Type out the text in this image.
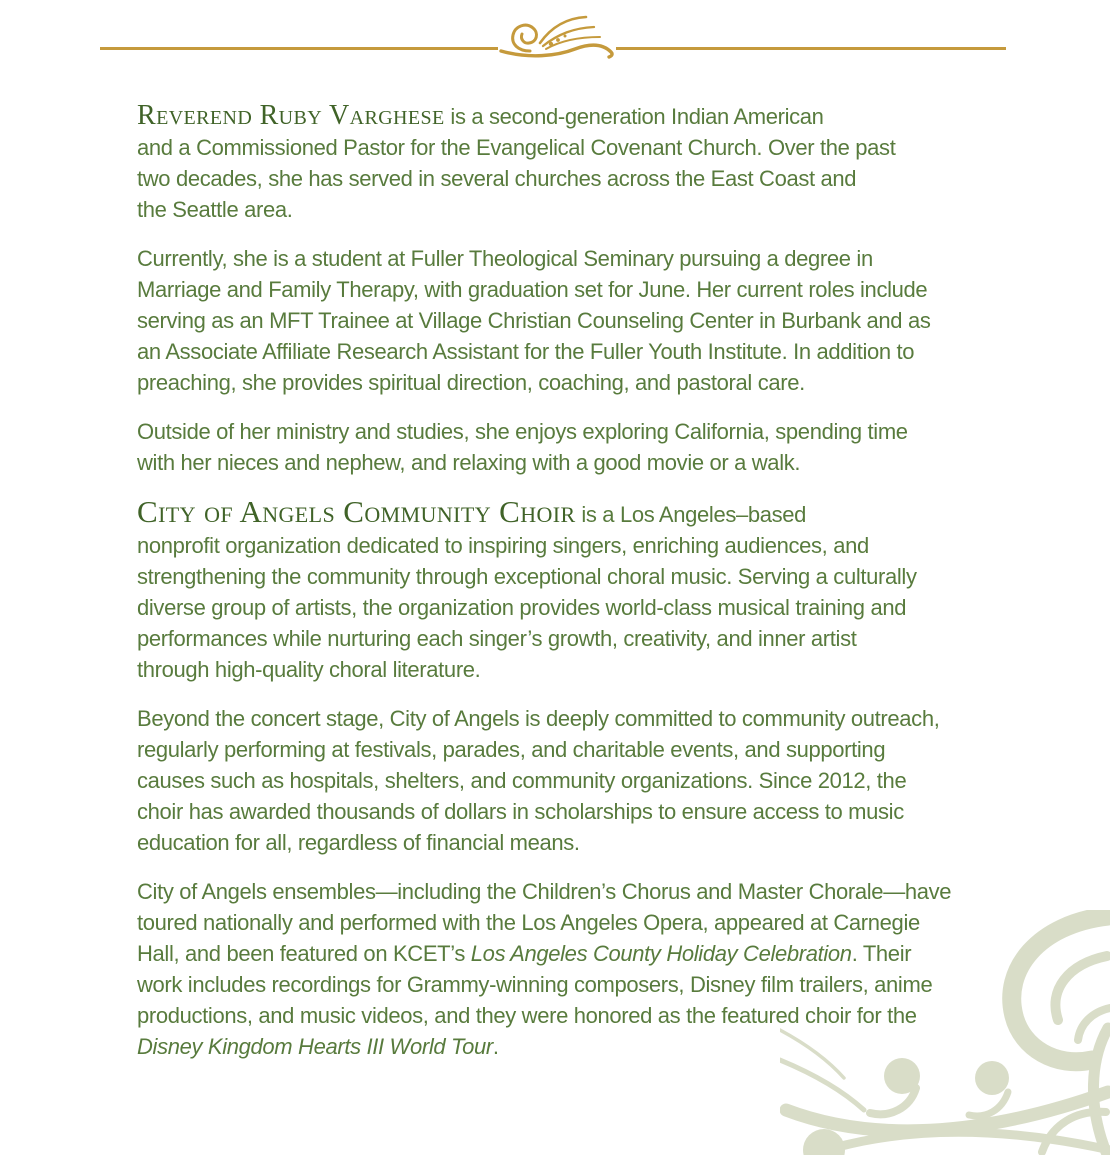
Reverend Ruby Varghese is a second-generation Indian American
and a Commissioned Pastor for the Evangelical Covenant Church. Over the past
two decades, she has served in several churches across the East Coast and
the Seattle area.
Currently, she is a student at Fuller Theological Seminary pursuing a degree in
Marriage and Family Therapy, with graduation set for June. Her current roles include
serving as an MFT Trainee at Village Christian Counseling Center in Burbank and as
an Associate Affiliate Research Assistant for the Fuller Youth Institute. In addition to
preaching, she provides spiritual direction, coaching, and pastoral care.
Outside of her ministry and studies, she enjoys exploring California, spending time
with her nieces and nephew, and relaxing with a good movie or a walk.
City of Angels Community Choir is a Los Angeles–based
nonprofit organization dedicated to inspiring singers, enriching audiences, and
strengthening the community through exceptional choral music. Serving a culturally
diverse group of artists, the organization provides world-class musical training and
performances while nurturing each singer’s growth, creativity, and inner artist
through high-quality choral literature.
Beyond the concert stage, City of Angels is deeply committed to community outreach,
regularly performing at festivals, parades, and charitable events, and supporting
causes such as hospitals, shelters, and community organizations. Since 2012, the
choir has awarded thousands of dollars in scholarships to ensure access to music
education for all, regardless of financial means.
City of Angels ensembles—including the Children’s Chorus and Master Chorale—have
toured nationally and performed with the Los Angeles Opera, appeared at Carnegie
Hall, and been featured on KCET’s Los Angeles County Holiday Celebration. Their
work includes recordings for Grammy-winning composers, Disney film trailers, anime
productions, and music videos, and they were honored as the featured choir for the
Disney Kingdom Hearts III World Tour.
